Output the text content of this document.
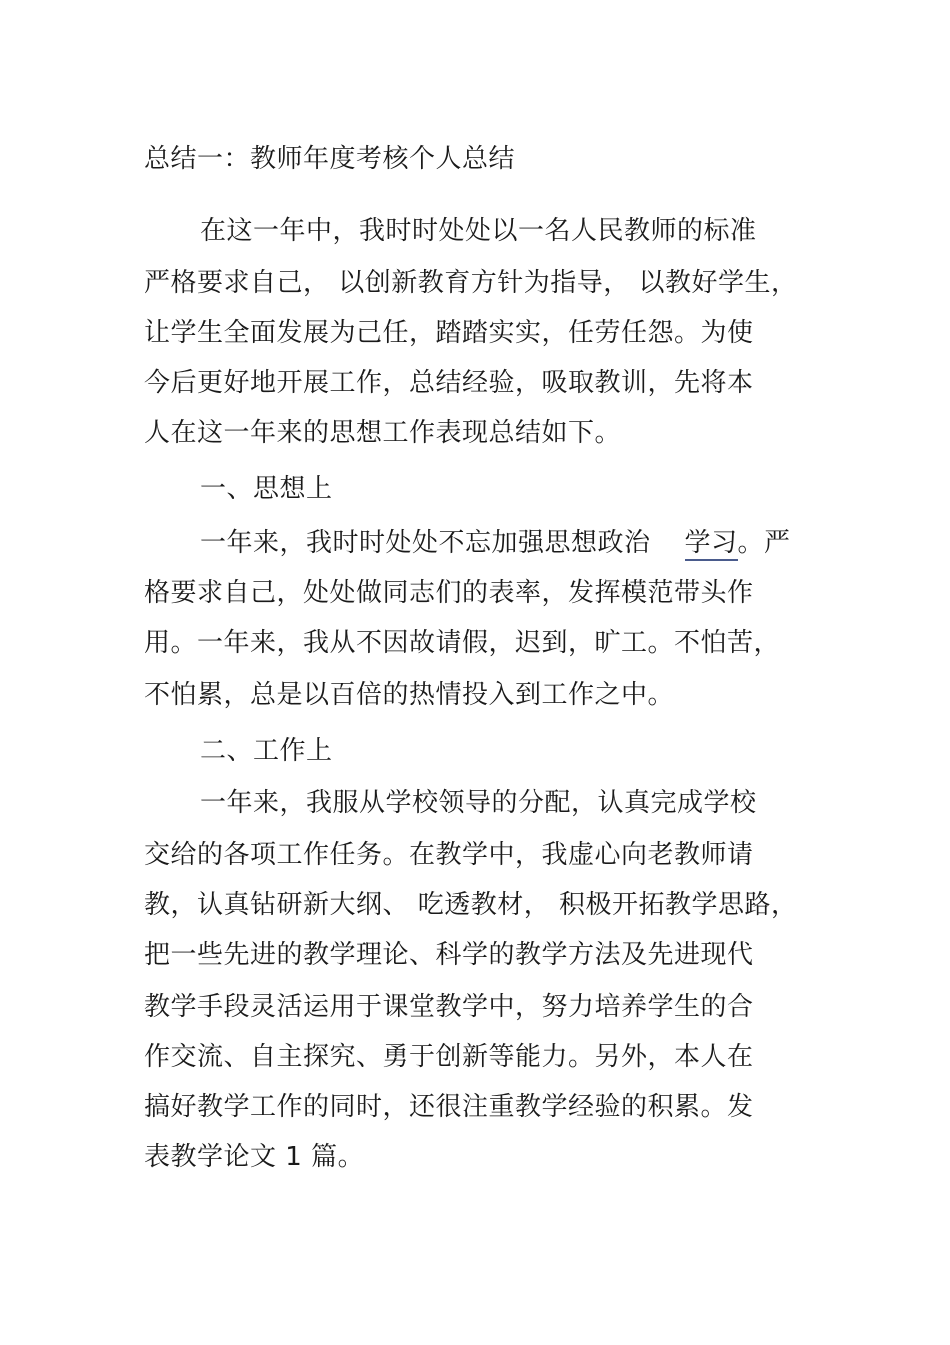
总结一：教师年度考核个人总结
在这一年中，我时时处处以一名人民教师的标准
严格要求自己， 以创新教育方针为指导， 以教好学生，
让学生全面发展为己任，踏踏实实，任劳任怨。为使
今后更好地开展工作，总结经验，吸取教训，先将本
人在这一年来的思想工作表现总结如下。
一、思想上
一年来，我时时处处不忘加强思想政治 学习。严
格要求自己，处处做同志们的表率，发挥模范带头作
用。一年来，我从不因故请假，迟到，旷工。不怕苦，
不怕累，总是以百倍的热情投入到工作之中。
二、工作上
一年来，我服从学校领导的分配，认真完成学校
交给的各项工作任务。在教学中，我虚心向老教师请
教，认真钻研新大纲、 吃透教材， 积极开拓教学思路，
把一些先进的教学理论、科学的教学方法及先进现代
教学手段灵活运用于课堂教学中，努力培养学生的合
作交流、自主探究、勇于创新等能力。另外，本人在
搞好教学工作的同时，还很注重教学经验的积累。发
表教学论文 1 篇。
